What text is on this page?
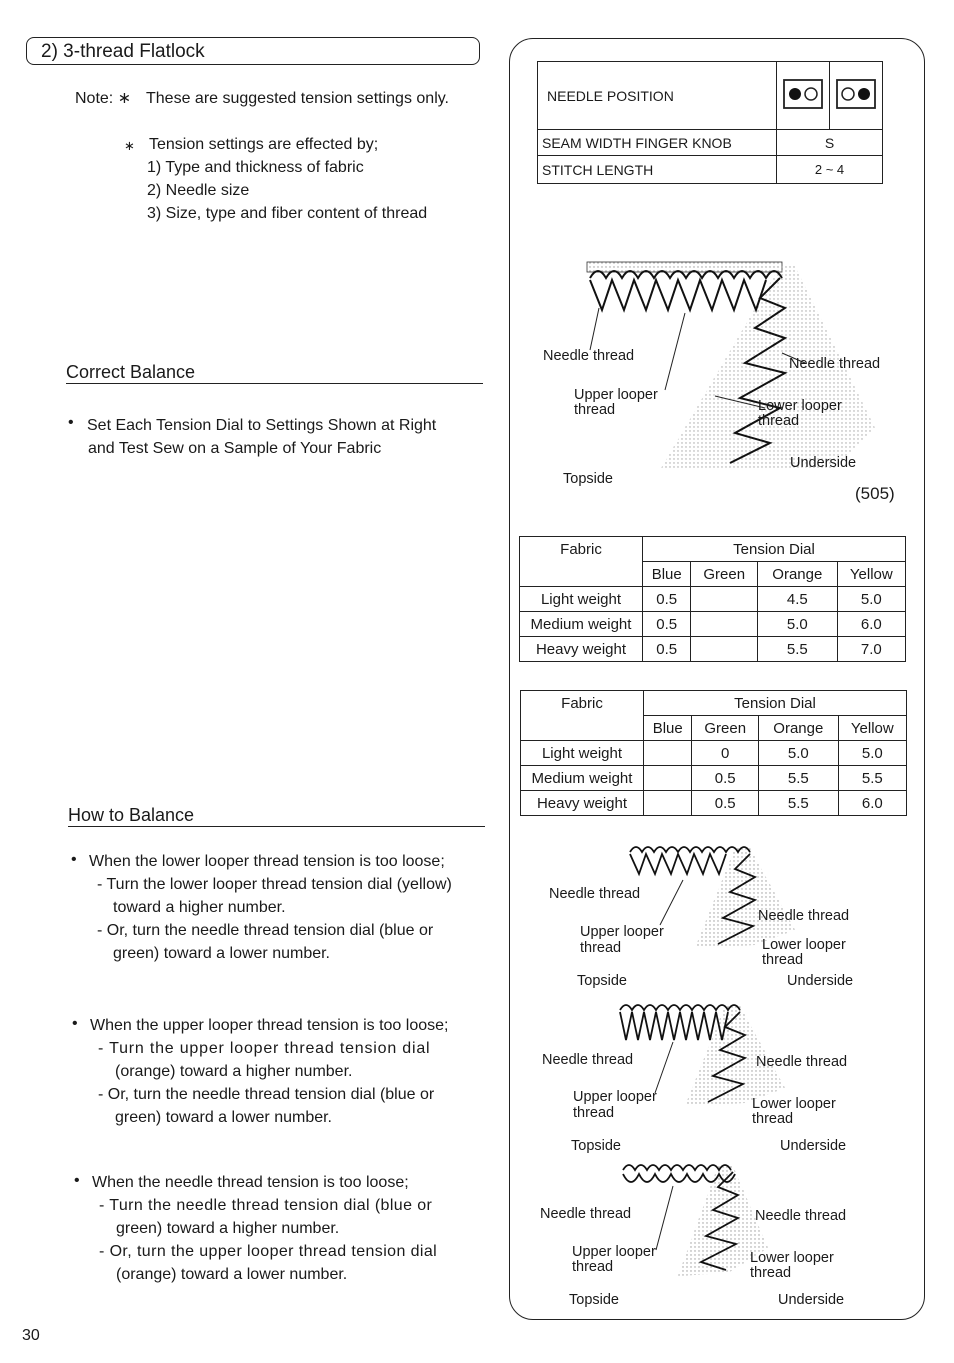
2) 3-thread Flatlock
Note: ∗ These are suggested tension settings only.
∗ Tension settings are effected by;
1) Type and thickness of fabric
2) Needle size
3) Size, type and fiber content of thread
Correct Balance
• Set Each Tension Dial to Settings Shown at Right
and Test Sew on a Sample of Your Fabric
How to Balance
• When the lower looper thread tension is too loose;
- Turn the lower looper thread tension dial (yellow)
toward a higher number.
- Or, turn the needle thread tension dial (blue or
green) toward a lower number.
• When the upper looper thread tension is too loose;
- Turn the upper looper thread tension dial
(orange) toward a higher number.
- Or, turn the needle thread tension dial (blue or
green) toward a lower number.
• When the needle thread tension is too loose;
- Turn the needle thread tension dial (blue or
green) toward a higher number.
- Or, turn the upper looper thread tension dial
(orange) toward a lower number.
30
NEEDLE POSITION		
SEAM WIDTH FINGER KNOB	S	
STITCH LENGTH	2 ~ 4	
Needle thread
Upper looper
thread
Topside
Needle thread
Lower looper
thread
Underside
(505)
Fabric	Tension Dial			
	Blue	Green	Orange	Yellow
Light weight	0.5		4.5	5.0
Medium weight	0.5		5.0	6.0
Heavy weight	0.5		5.5	7.0
Fabric	Tension Dial			
	Blue	Green	Orange	Yellow
Light weight		0	5.0	5.0
Medium weight		0.5	5.5	5.5
Heavy weight		0.5	5.5	6.0
Needle thread
Upper looper
thread
Needle thread
Lower looper
thread
Topside	Underside
Needle thread
Upper looper
thread
Needle thread
Lower looper
thread
Topside	Underside
Needle thread
Upper looper
thread
Needle thread
Lower looper
thread
Topside	Underside
